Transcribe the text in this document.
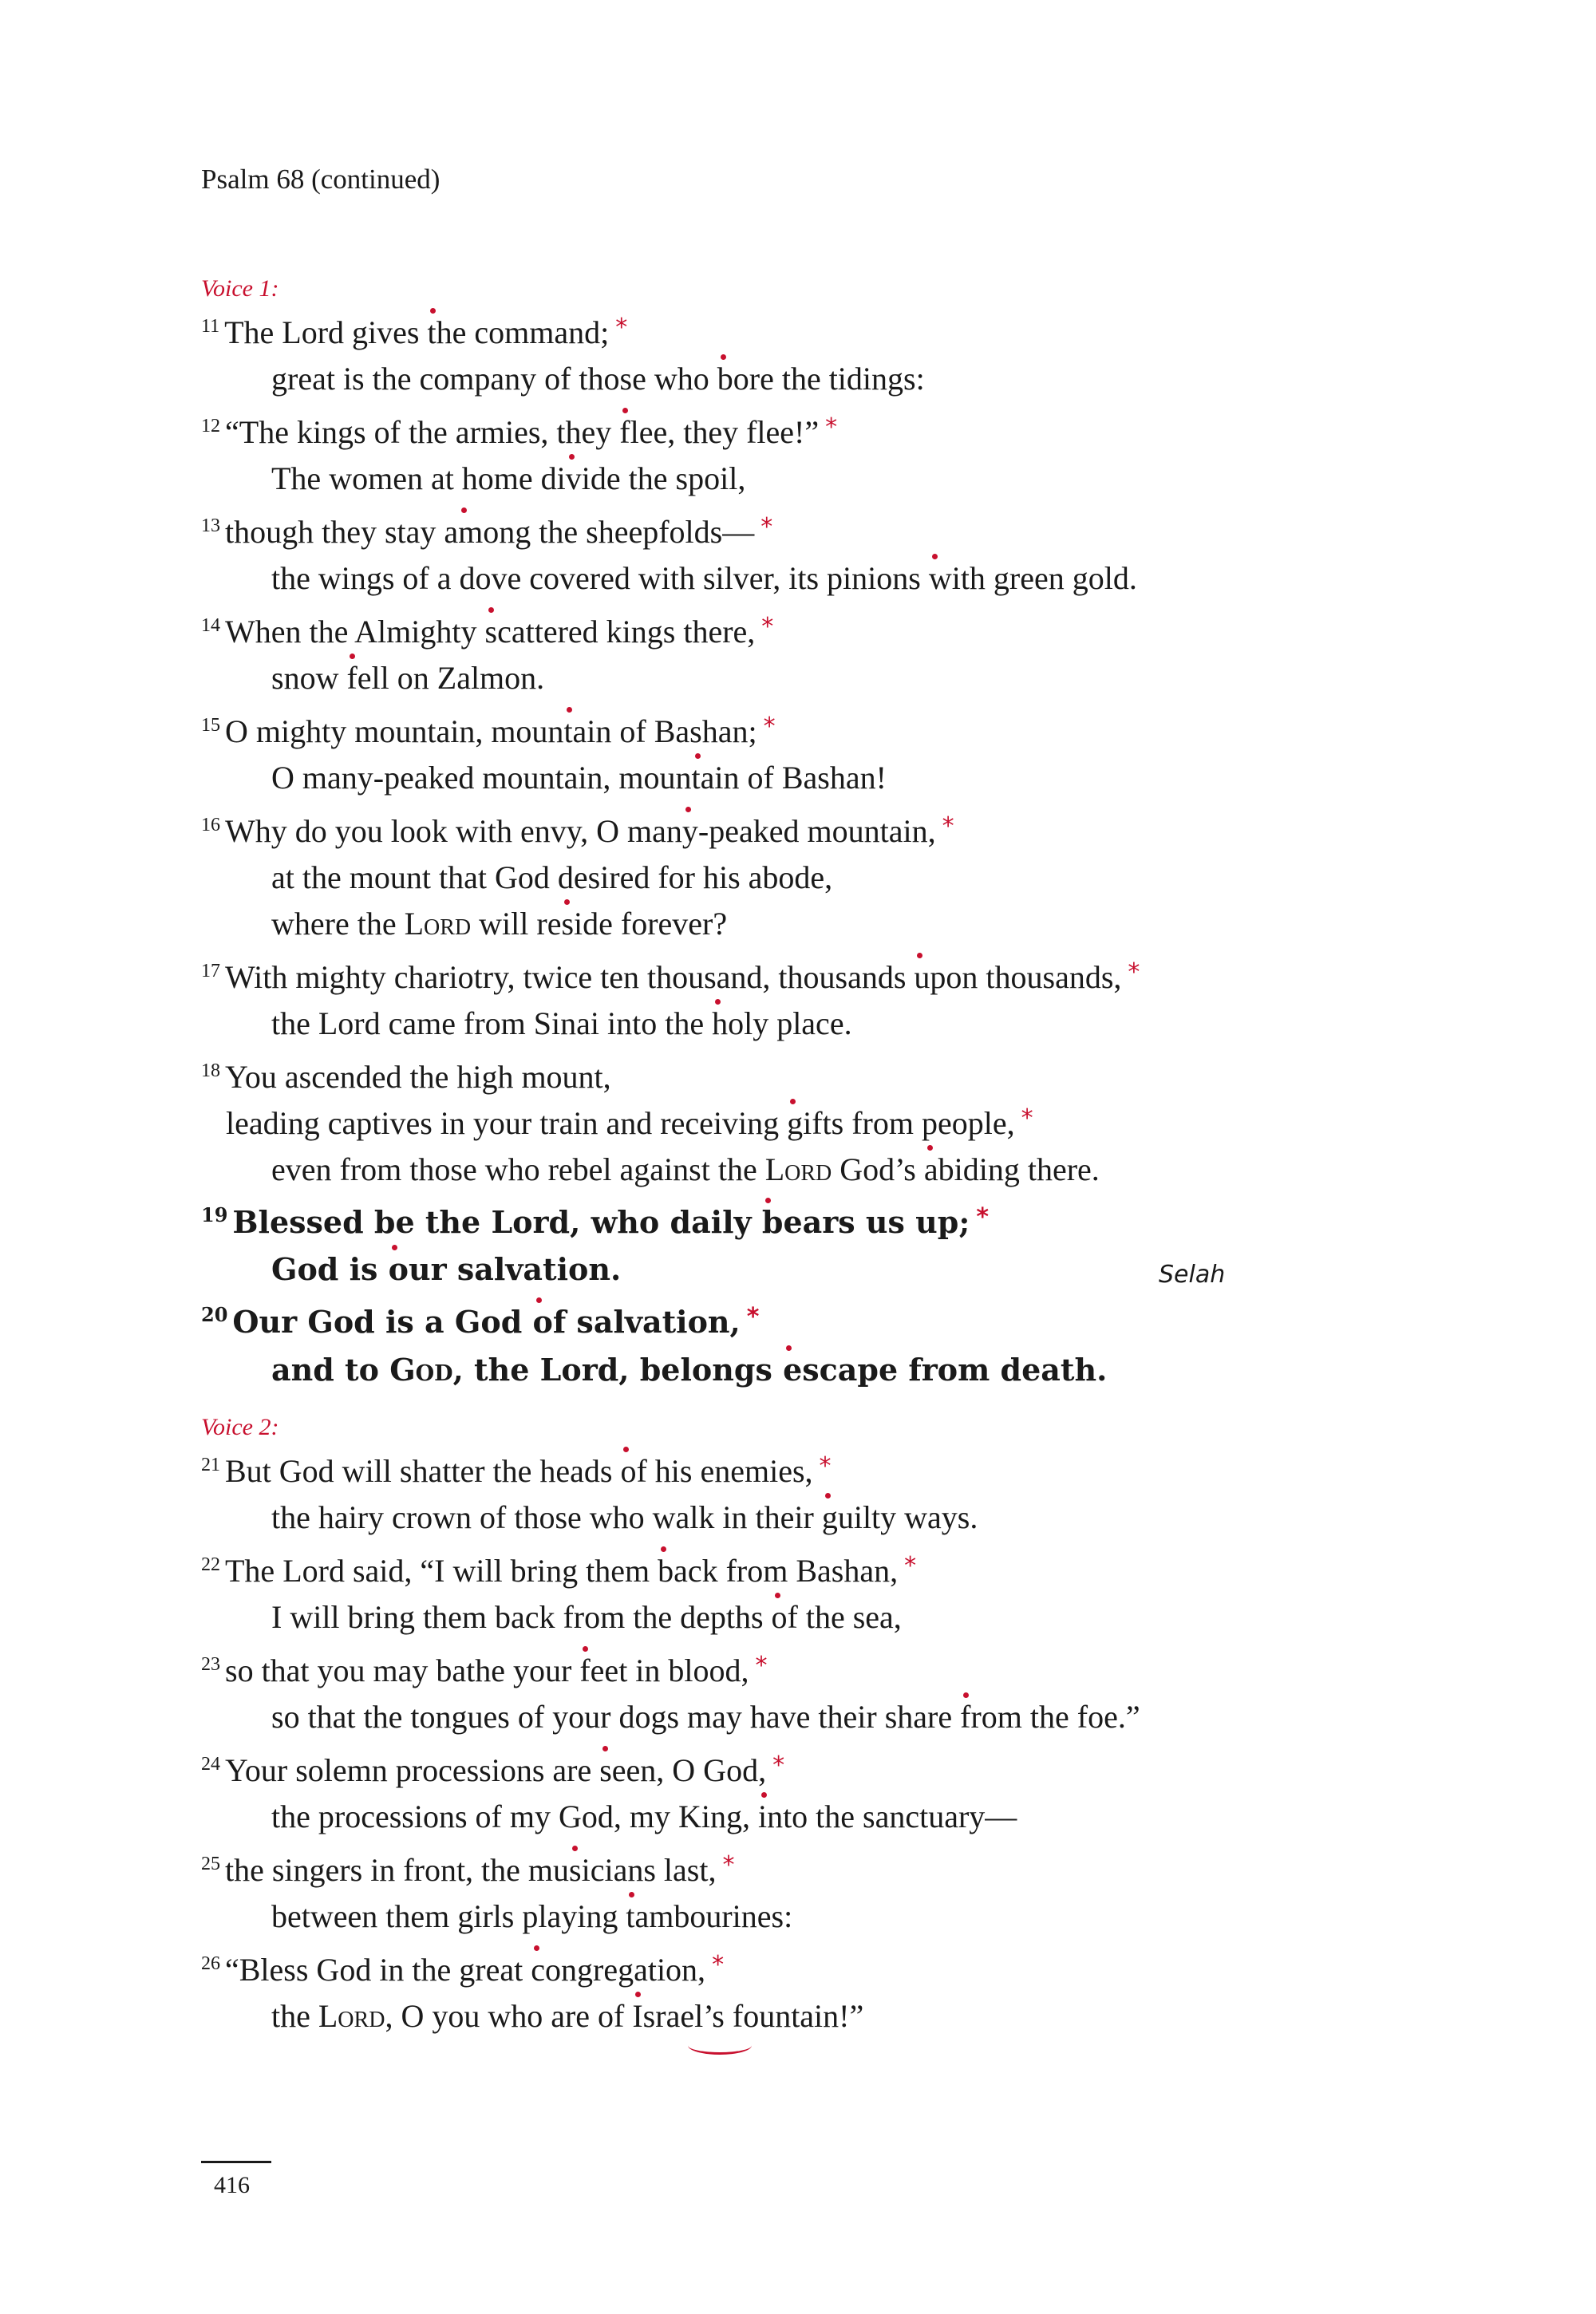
Psalm 68 (continued)
Voice 1:
$^{11}$ The Lord gives the command; *
great is the company of those who bore the tidings:
$^{12}$ “The kings of the armies, they flee, they flee!” *
The women at home divide the spoil,
$^{13}$ though they stay among the sheepfolds— *
the wings of a dove covered with silver, its pinions with green gold.
$^{14}$ When the Almighty scattered kings there, *
snow fell on Zalmon.
$^{15}$ O mighty mountain, mountain of Bashan; *
O many-peaked mountain, mountain of Bashan!
$^{16}$ Why do you look with envy, O many-peaked mountain, *
at the mount that God desired for his abode,
where the Lord will reside forever?
$^{17}$ With mighty chariotry, twice ten thousand, thousands upon thousands, *
the Lord came from Sinai into the holy place.
$^{18}$ You ascended the high mount,
leading captives in your train and receiving gifts from people, *
even from those who rebel against the Lord God’s abiding there.
$^{19}$ Blessed be the Lord, who daily bears us up; *
God is our salvation.	Selah
$^{20}$ Our God is a God of salvation, *
and to God, the Lord, belongs escape from death.
Voice 2:
$^{21}$ But God will shatter the heads of his enemies, *
the hairy crown of those who walk in their guilty ways.
$^{22}$ The Lord said, “I will bring them back from Bashan, *
I will bring them back from the depths of the sea,
$^{23}$ so that you may bathe your feet in blood, *
so that the tongues of your dogs may have their share from the foe.”
$^{24}$ Your solemn processions are seen, O God, *
the processions of my God, my King, into the sanctuary—
$^{25}$ the singers in front, the musicians last, *
between them girls playing tambourines:
$^{26}$ “Bless God in the great congregation, *
the Lord, O you who are of Israel’s fountain!”
416
